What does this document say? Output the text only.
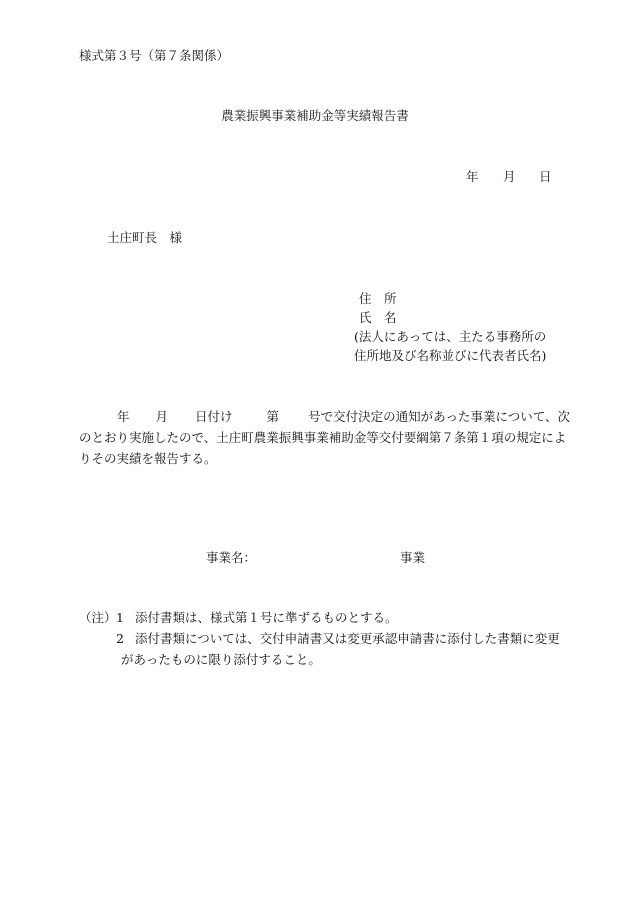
様式第３号（第７条関係）
農業振興事業補助金等実績報告書
年 月 日
土庄町長　様
住　所
氏　名
(法人にあっては、主たる事務所の
住所地及び名称並びに代表者氏名)
年 月 日付け	第 号で交付決定の通知があった事業について、次
のとおり実施したので、土庄町農業振興事業補助金等交付要綱第７条第１項の規定によ
りその実績を報告する。
事業名：	事業
（注） 1 添付書類は、様式第１号に準ずるものとする。
2 添付書類については、交付申請書又は変更承認申請書に添付した書類に変更
があったものに限り添付すること。
